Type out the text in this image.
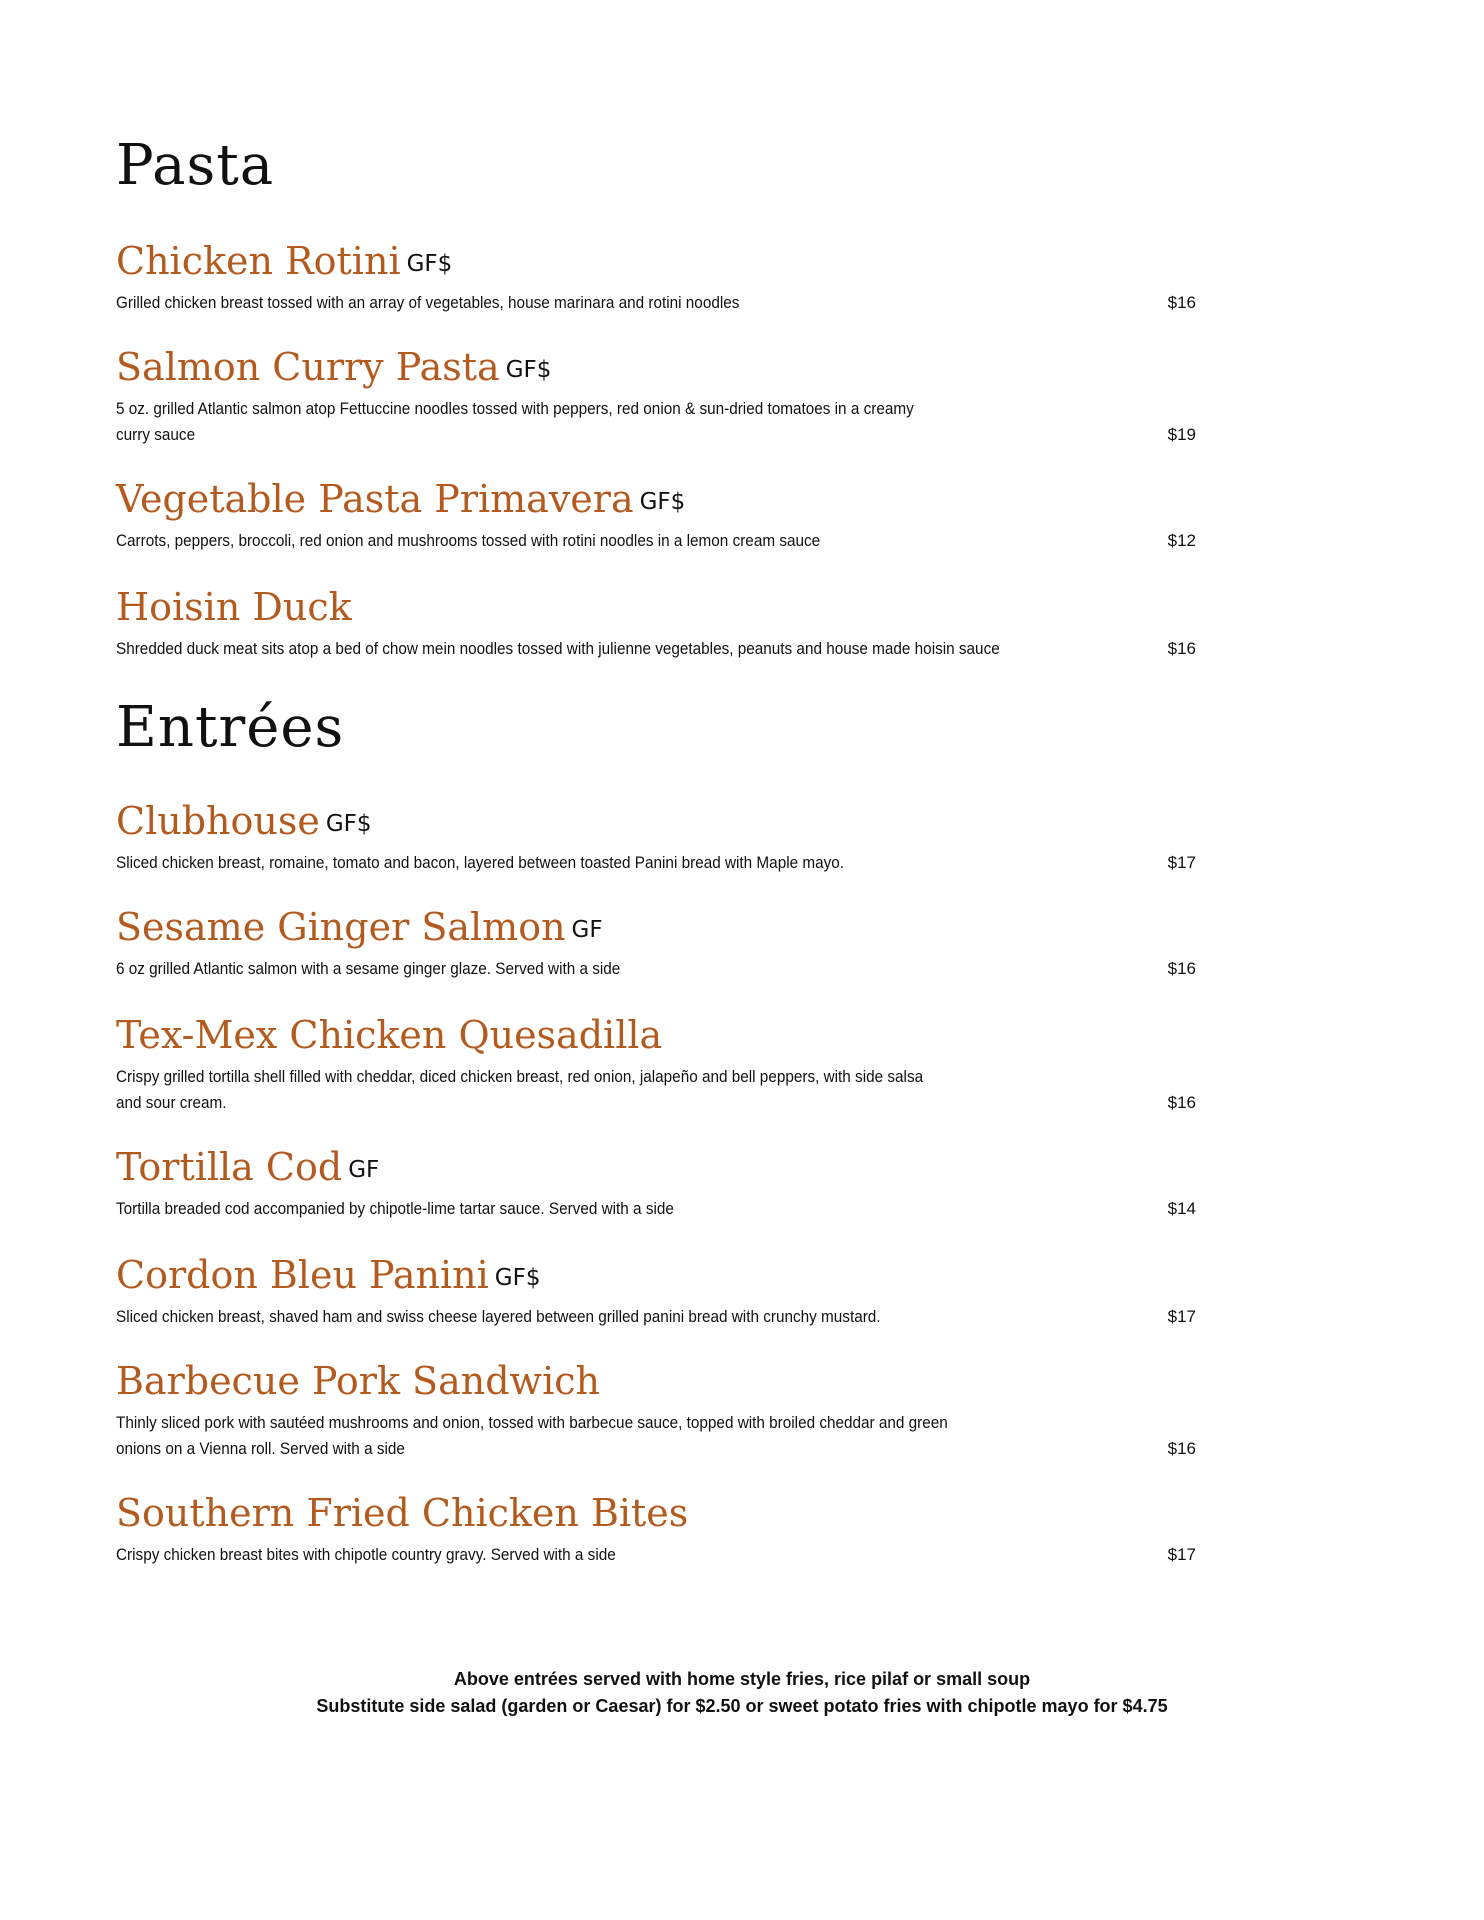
Pasta
Chicken Rotini GF$
Grilled chicken breast tossed with an array of vegetables, house marinara and rotini noodles	$16
Salmon Curry Pasta GF$
5 oz. grilled Atlantic salmon atop Fettuccine noodles tossed with peppers, red onion & sun-dried tomatoes in a creamy curry sauce	$19
Vegetable Pasta Primavera GF$
Carrots, peppers, broccoli, red onion and mushrooms tossed with rotini noodles in a lemon cream sauce	$12
Hoisin Duck
Shredded duck meat sits atop a bed of chow mein noodles tossed with julienne vegetables, peanuts and house made hoisin sauce	$16
Entrées
Clubhouse GF$
Sliced chicken breast, romaine, tomato and bacon, layered between toasted Panini bread with Maple mayo.	$17
Sesame Ginger Salmon GF
6 oz grilled Atlantic salmon with a sesame ginger glaze. Served with a side	$16
Tex-Mex Chicken Quesadilla
Crispy grilled tortilla shell filled with cheddar, diced chicken breast, red onion, jalapeño and bell peppers, with side salsa and sour cream.	$16
Tortilla Cod GF
Tortilla breaded cod accompanied by chipotle-lime tartar sauce. Served with a side	$14
Cordon Bleu Panini GF$
Sliced chicken breast, shaved ham and swiss cheese layered between grilled panini bread with crunchy mustard.	$17
Barbecue Pork Sandwich
Thinly sliced pork with sautéed mushrooms and onion, tossed with barbecue sauce, topped with broiled cheddar and green onions on a Vienna roll. Served with a side	$16
Southern Fried Chicken Bites
Crispy chicken breast bites with chipotle country gravy. Served with a side	$17
Above entrées served with home style fries, rice pilaf or small soup
Substitute side salad (garden or Caesar) for $2.50 or sweet potato fries with chipotle mayo for $4.75
